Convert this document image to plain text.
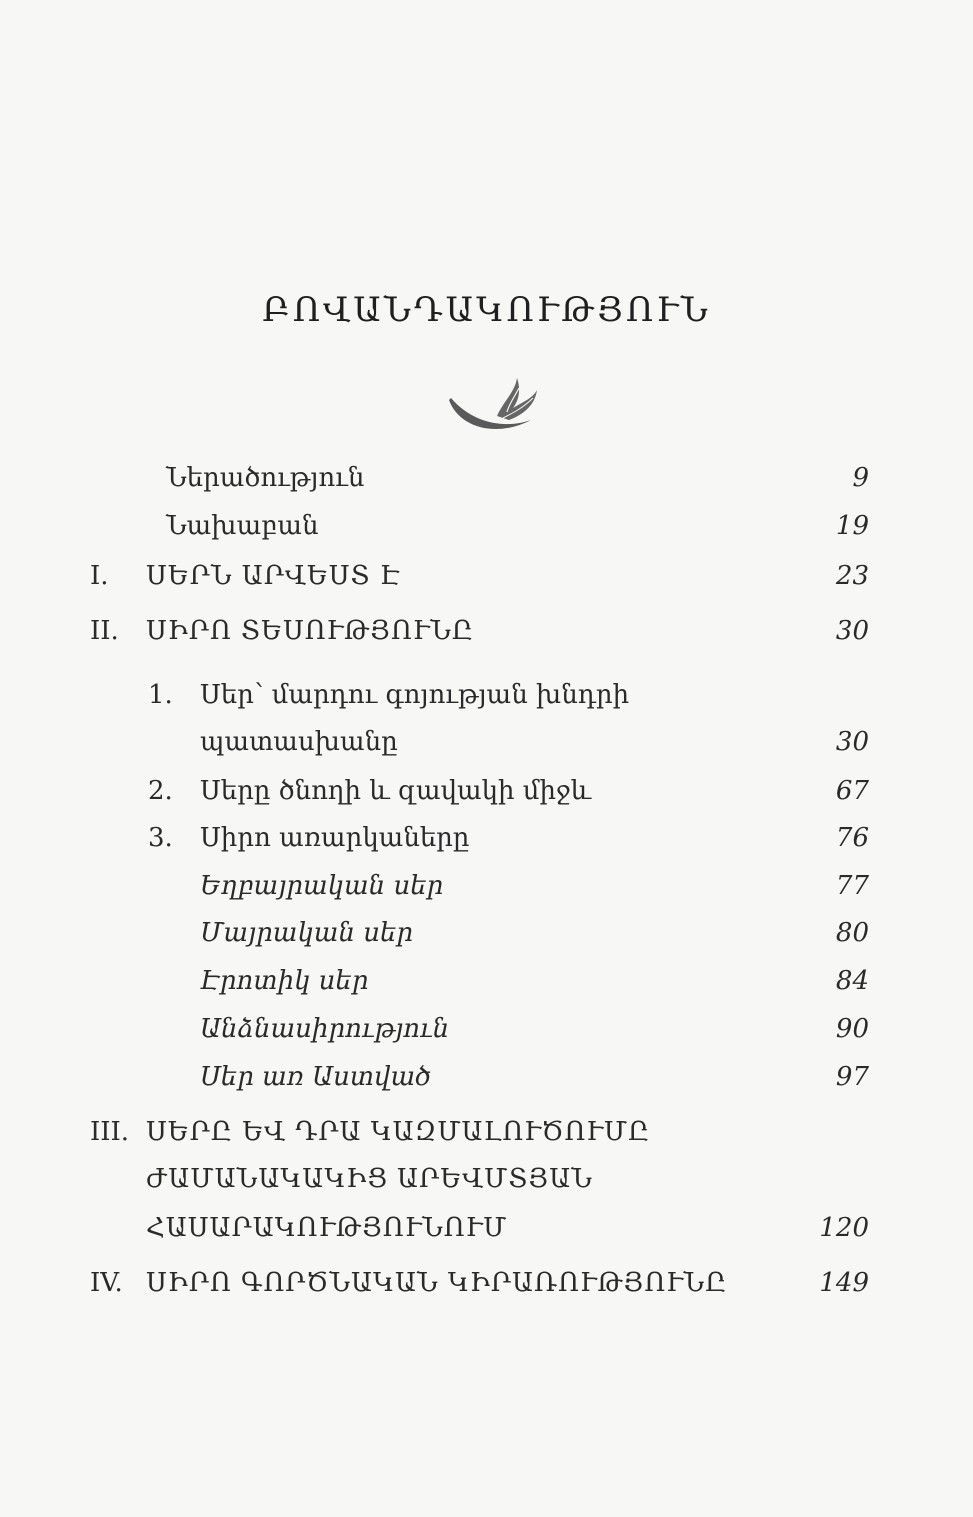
ԲՈՎԱՆԴԱԿՈՒԹՅՈՒՆ
Ներածություն	9
Նախաբան	19
I. ՍԵՐՆ ԱՐՎԵՍՏ Է	23
II. ՍԻՐՈ ՏԵՍՈՒԹՅՈՒՆԸ	30
1. Սեր՝ մարդու գոյության խնդրի
պատասխանը	30
2. Սերը ծնողի և զավակի միջև	67
3. Սիրո առարկաները	76
Եղբայրական սեր	77
Մայրական սեր	80
Էրոտիկ սեր	84
Անձնասիրություն	90
Սեր առ Աստված	97
III. ՍԵՐԸ ԵՎ ԴՐԱ ԿԱԶՄԱԼՈՒԾՈՒՄԸ
ԺԱՄԱՆԱԿԱԿԻՑ ԱՐԵՎՄՏՅԱՆ
ՀԱՍԱՐԱԿՈՒԹՅՈՒՆՈՒՄ	120
IV. ՍԻՐՈ ԳՈՐԾՆԱԿԱՆ ԿԻՐԱՌՈՒԹՅՈՒՆԸ	149
